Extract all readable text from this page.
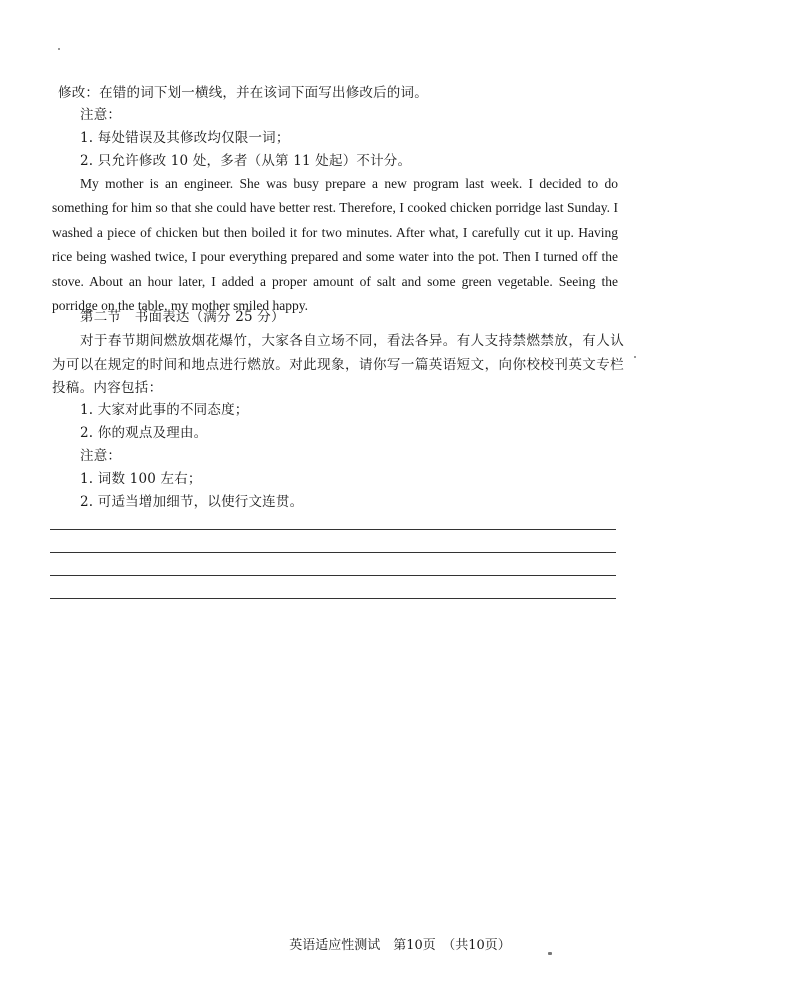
修改：在错的词下划一横线，并在该词下面写出修改后的词。
注意：
1. 每处错误及其修改均仅限一词；
2. 只允许修改 10 处，多者（从第 11 处起）不计分。
My mother is an engineer. She was busy prepare a new program last week. I decided to do something for him so that she could have better rest. Therefore, I cooked chicken porridge last Sunday. I washed a piece of chicken but then boiled it for two minutes. After what, I carefully cut it up. Having rice being washed twice, I pour everything prepared and some water into the pot. Then I turned off the stove. About an hour later, I added a proper amount of salt and some green vegetable. Seeing the porridge on the table, my mother smiled happy.
第二节　书面表达（满分 25 分）
对于春节期间燃放烟花爆竹，大家各自立场不同，看法各异。有人支持禁燃禁放，有人认为可以在规定的时间和地点进行燃放。对此现象，请你写一篇英语短文，向你校校刊英文专栏投稿。内容包括：
1. 大家对此事的不同态度；
2. 你的观点及理由。
注意：
1. 词数 100 左右；
2. 可适当增加细节，以使行文连贯。
英语适应性测试　第10页　（共10页）
